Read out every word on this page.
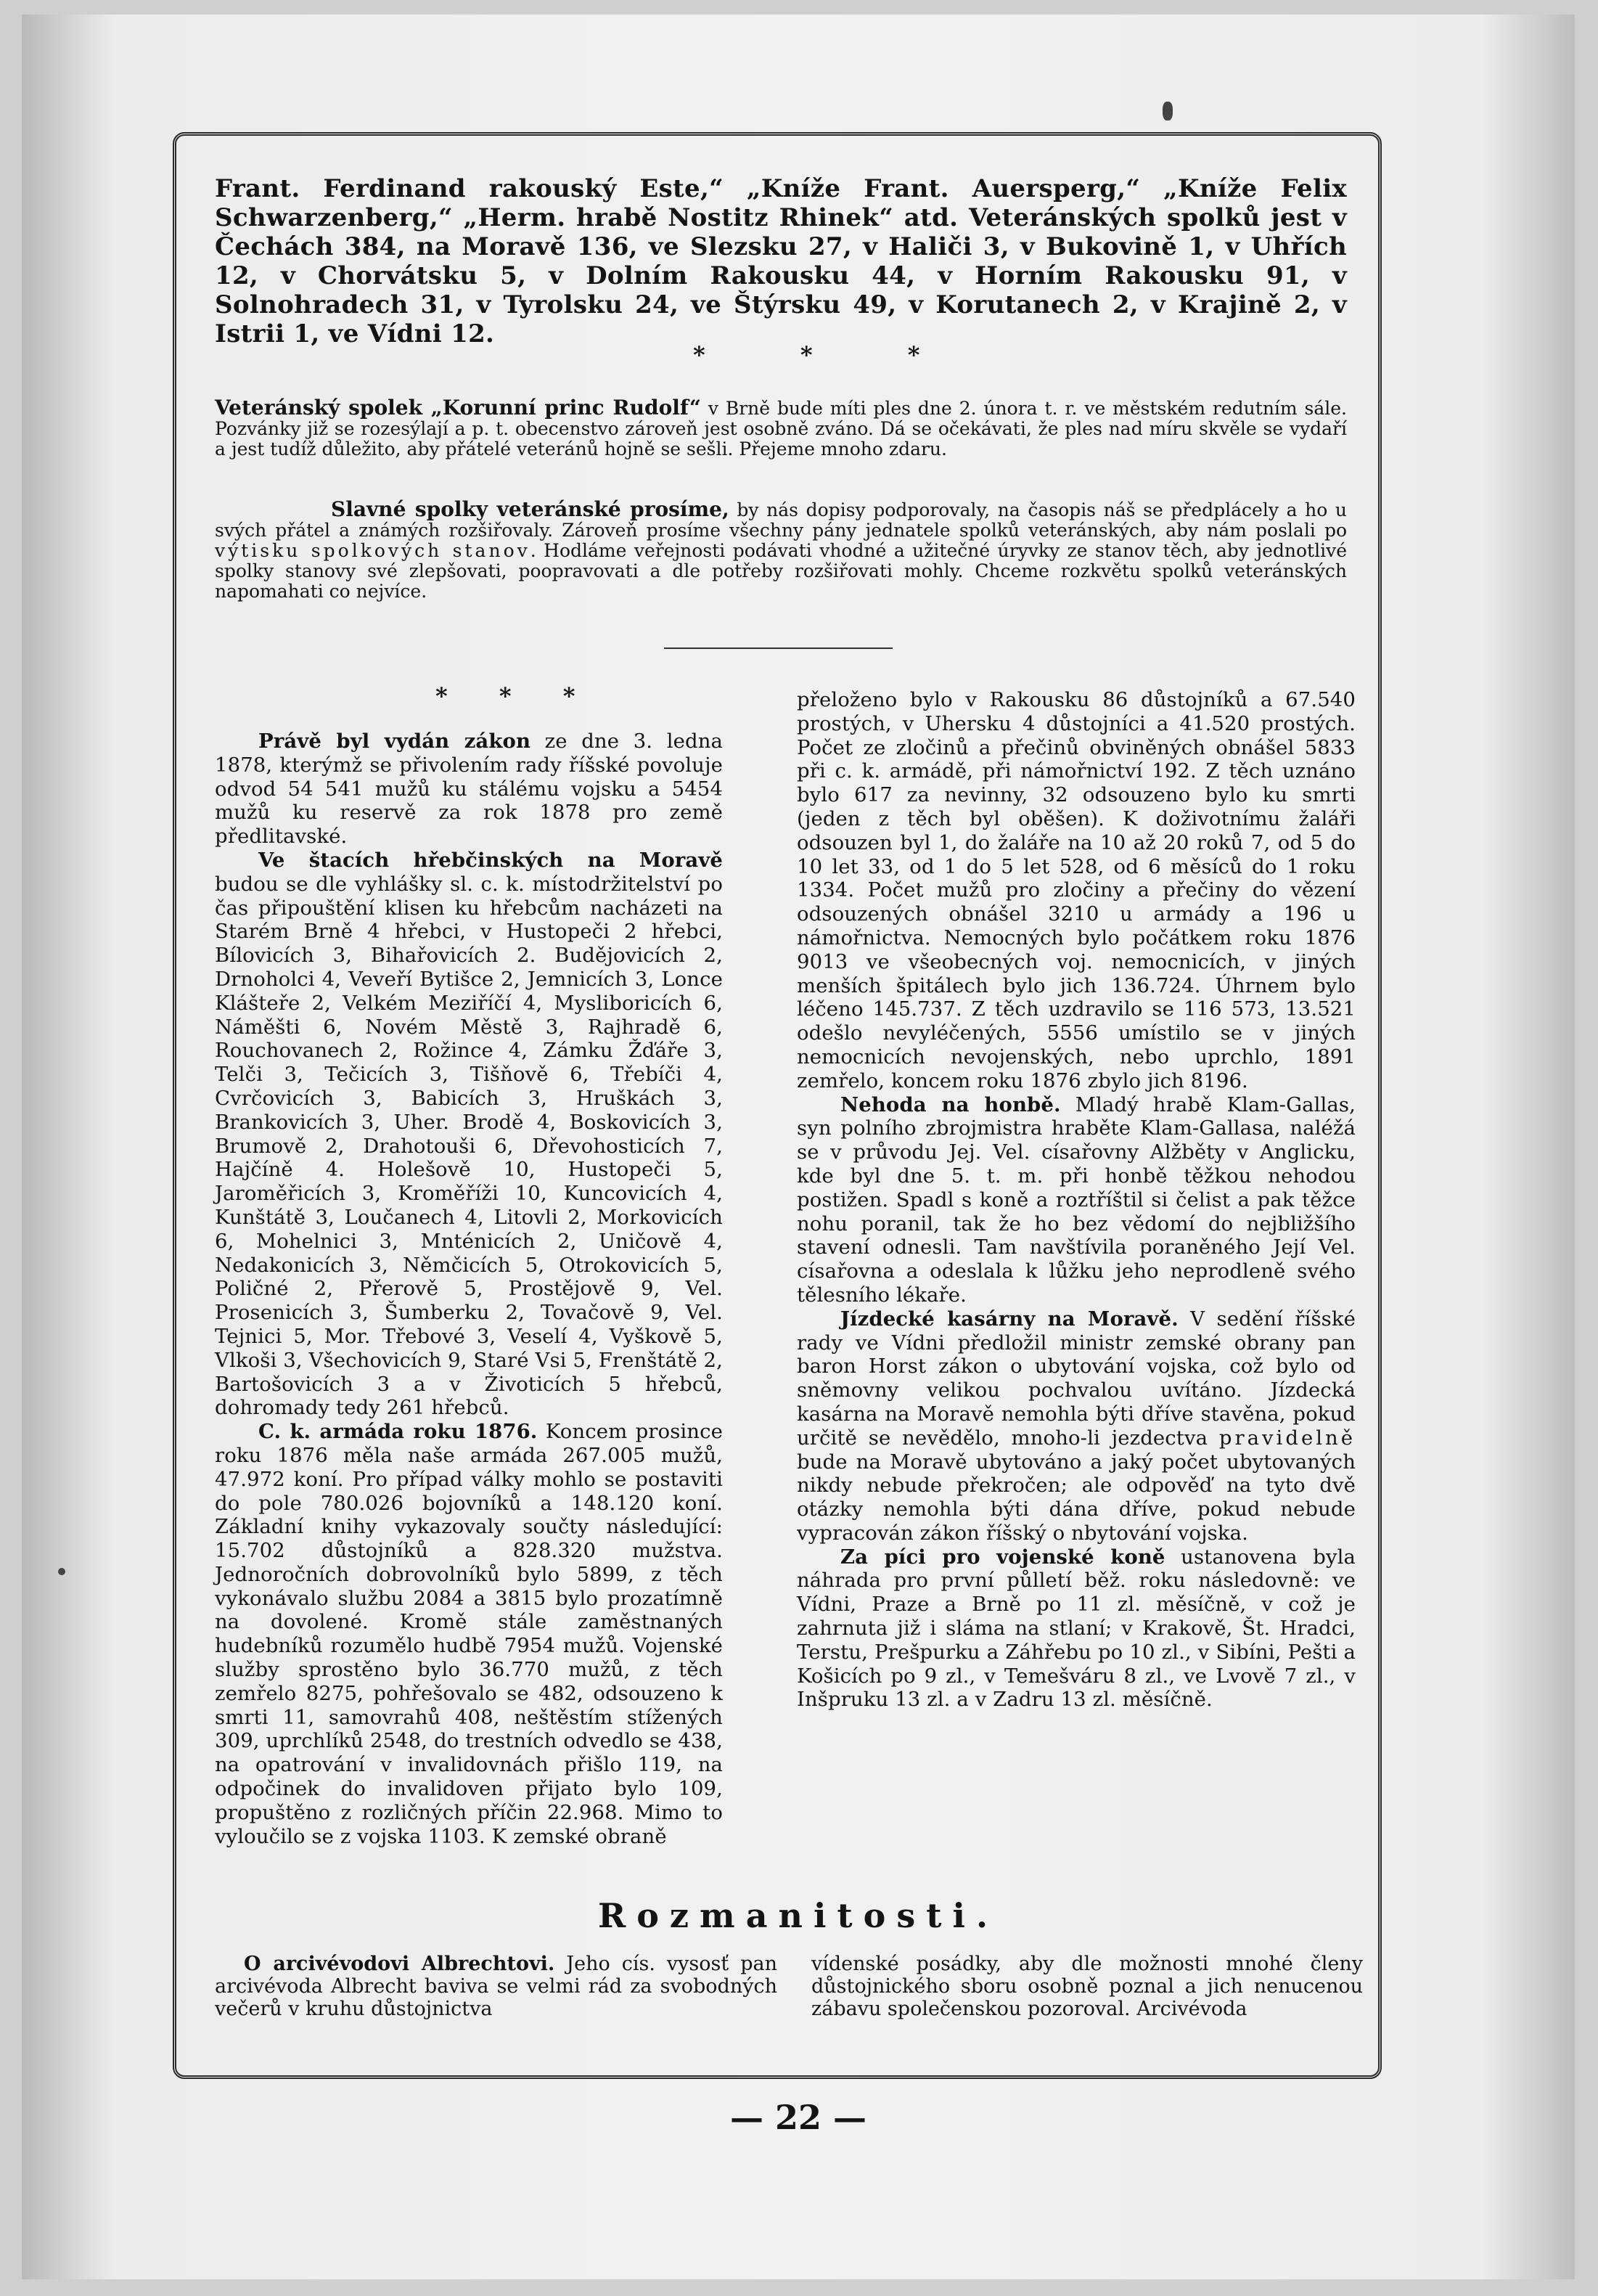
Frant. Ferdinand rakouský Este,“ „Kníže Frant. Auersperg,“ „Kníže Felix Schwarzenberg,“ „Herm. hrabě Nostitz Rhinek“ atd. Veteránských spolků jest v Čechách 384, na Moravě 136, ve Slezsku 27, v Haliči 3, v Bukovině 1, v Uhřích 12, v Chorvátsku 5, v Dolním Rakousku 44, v Horním Rakousku 91, v Solnohradech 31, v Tyrolsku 24, ve Štýrsku 49, v Korutanech 2, v Krajině 2, v Istrii 1, ve Vídni 12.

* * *

Veteránský spolek „Korunní princ Rudolf“ v Brně bude míti ples dne 2. února t. r. ve městském redutním sále. Pozvánky již se rozesýlají a p. t. obecenstvo zároveň jest osobně zváno. Dá se očekávati, že ples nad míru skvěle se vydaří a jest tudíž důležito, aby přátelé veteránů hojně se sešli. Přejeme mnoho zdaru.

Slavné spolky veteránské prosíme, by nás dopisy podporovaly, na časopis náš se předplácely a ho u svých přátel a známých rozšiřovaly. Zároveň prosíme všechny pány jednatele spolků veteránských, aby nám poslali po výtisku spolkových stanov. Hodláme veřejnosti podávati vhodné a užitečné úryvky ze stanov těch, aby jednotlivé spolky stanovy své zlepšovati, poopravovati a dle potřeby rozšiřovati mohly. Chceme rozkvětu spolků veteránských napomahati co nejvíce.

* * *

Právě byl vydán zákon ze dne 3. ledna 1878, kterýmž se přivolením rady říšské povoluje odvod 54 541 mužů ku stálému vojsku a 5454 mužů ku reservě za rok 1878 pro země předlitavské.

Ve štacích hřebčinských na Moravě budou se dle vyhlášky sl. c. k. místodržitelství po čas připouštění klisen ku hřebcům nacházeti na Starém Brně 4 hřebci, v Hustopeči 2 hřebci, Bílovicích 3, Bihařovicích 2. Budějovicích 2, Drnoholci 4, Veveří Bytišce 2, Jemnicích 3, Lonce Klášteře 2, Velkém Meziříčí 4, Mysliboricích 6, Náměšti 6, Novém Městě 3, Rajhradě 6, Rouchovanech 2, Rožince 4, Zámku Žďáře 3, Telči 3, Tečicích 3, Tišňově 6, Třebíči 4, Cvrčovicích 3, Babicích 3, Hruškách 3, Brankovicích 3, Uher. Brodě 4, Boskovicích 3, Brumově 2, Drahotouši 6, Dřevohosticích 7, Hajčíně 4. Holešově 10, Hustopeči 5, Jaroměřicích 3, Kroměříži 10, Kuncovicích 4, Kunštátě 3, Loučanech 4, Litovli 2, Morkovicích 6, Mohelnici 3, Mnténicích 2, Uničově 4, Nedakonicích 3, Němčicích 5, Otrokovicích 5, Poličné 2, Přerově 5, Prostějově 9, Vel. Prosenicích 3, Šumberku 2, Tovačově 9, Vel. Tejnici 5, Mor. Třebové 3, Veselí 4, Vyškově 5, Vlkoši 3, Všechovicích 9, Staré Vsi 5, Frenštátě 2, Bartošovicích 3 a v Životicích 5 hřebců, dohromady tedy 261 hřebců.

C. k. armáda roku 1876. Koncem prosince roku 1876 měla naše armáda 267.005 mužů, 47.972 koní. Pro případ války mohlo se postaviti do pole 780.026 bojovníků a 148.120 koní. Základní knihy vykazovaly součty následující: 15.702 důstojníků a 828.320 mužstva. Jednoročních dobrovolníků bylo 5899, z těch vykonávalo službu 2084 a 3815 bylo prozatímně na dovolené. Kromě stále zaměstnaných hudebníků rozumělo hudbě 7954 mužů. Vojenské služby sprostěno bylo 36.770 mužů, z těch zemřelo 8275, pohřešovalo se 482, odsouzeno k smrti 11, samovrahů 408, neštěstím stížených 309, uprchlíků 2548, do trestních odvedlo se 438, na opatrování v invalidovnách přišlo 119, na odpočinek do invalidoven přijato bylo 109, propuštěno z rozličných příčin 22.968. Mimo to vyloučilo se z vojska 1103. K zemské obraně

přeloženo bylo v Rakousku 86 důstojníků a 67.540 prostých, v Uhersku 4 důstojníci a 41.520 prostých. Počet ze zločinů a přečinů obviněných obnášel 5833 při c. k. armádě, při námořnictví 192. Z těch uznáno bylo 617 za nevinny, 32 odsouzeno bylo ku smrti (jeden z těch byl oběšen). K doživotnímu žaláři odsouzen byl 1, do žaláře na 10 až 20 roků 7, od 5 do 10 let 33, od 1 do 5 let 528, od 6 měsíců do 1 roku 1334. Počet mužů pro zločiny a přečiny do vězení odsouzených obnášel 3210 u armády a 196 u námořnictva. Nemocných bylo počátkem roku 1876 9013 ve všeobecných voj. nemocnicích, v jiných menších špitálech bylo jich 136.724. Úhrnem bylo léčeno 145.737. Z těch uzdravilo se 116 573, 13.521 odešlo nevyléčených, 5556 umístilo se v jiných nemocnicích nevojenských, nebo uprchlo, 1891 zemřelo, koncem roku 1876 zbylo jich 8196.

Nehoda na honbě. Mladý hrabě Klam-Gallas, syn polního zbrojmistra hraběte Klam-Gallasa, naléžá se v průvodu Jej. Vel. císařovny Alžběty v Anglicku, kde byl dne 5. t. m. při honbě těžkou nehodou postižen. Spadl s koně a roztříštil si čelist a pak těžce nohu poranil, tak že ho bez vědomí do nejbližšího stavení odnesli. Tam navštívila poraněného Její Vel. císařovna a odeslala k lůžku jeho neprodleně svého tělesního lékaře.

Jízdecké kasárny na Moravě. V sedění říšské rady ve Vídni předložil ministr zemské obrany pan baron Horst zákon o ubytování vojska, což bylo od sněmovny velikou pochvalou uvítáno. Jízdecká kasárna na Moravě nemohla býti dříve stavěna, pokud určitě se nevědělo, mnoho-li jezdectva pravidelně bude na Moravě ubytováno a jaký počet ubytovaných nikdy nebude překročen; ale odpověď na tyto dvě otázky nemohla býti dána dříve, pokud nebude vypracován zákon říšský o nbytování vojska.

Za píci pro vojenské koně ustanovena byla náhrada pro první půlletí běž. roku následovně: ve Vídni, Praze a Brně po 11 zl. měsíčně, v což je zahrnuta již i sláma na stlaní; v Krakově, Št. Hradci, Terstu, Prešpurku a Záhřebu po 10 zl., v Sibíni, Pešti a Košicích po 9 zl., v Temešváru 8 zl., ve Lvově 7 zl., v Inšpruku 13 zl. a v Zadru 13 zl. měsíčně.

Rozmanitosti.

O arcivévodovi Albrechtovi. Jeho cís. vysosť pan arcivévoda Albrecht baviva se velmi rád za svobodných večerů v kruhu důstojnictva

vídenské posádky, aby dle možnosti mnohé členy důstojnického sboru osobně poznal a jich nenucenou zábavu společenskou pozoroval. Arcivévoda

— 22 —
